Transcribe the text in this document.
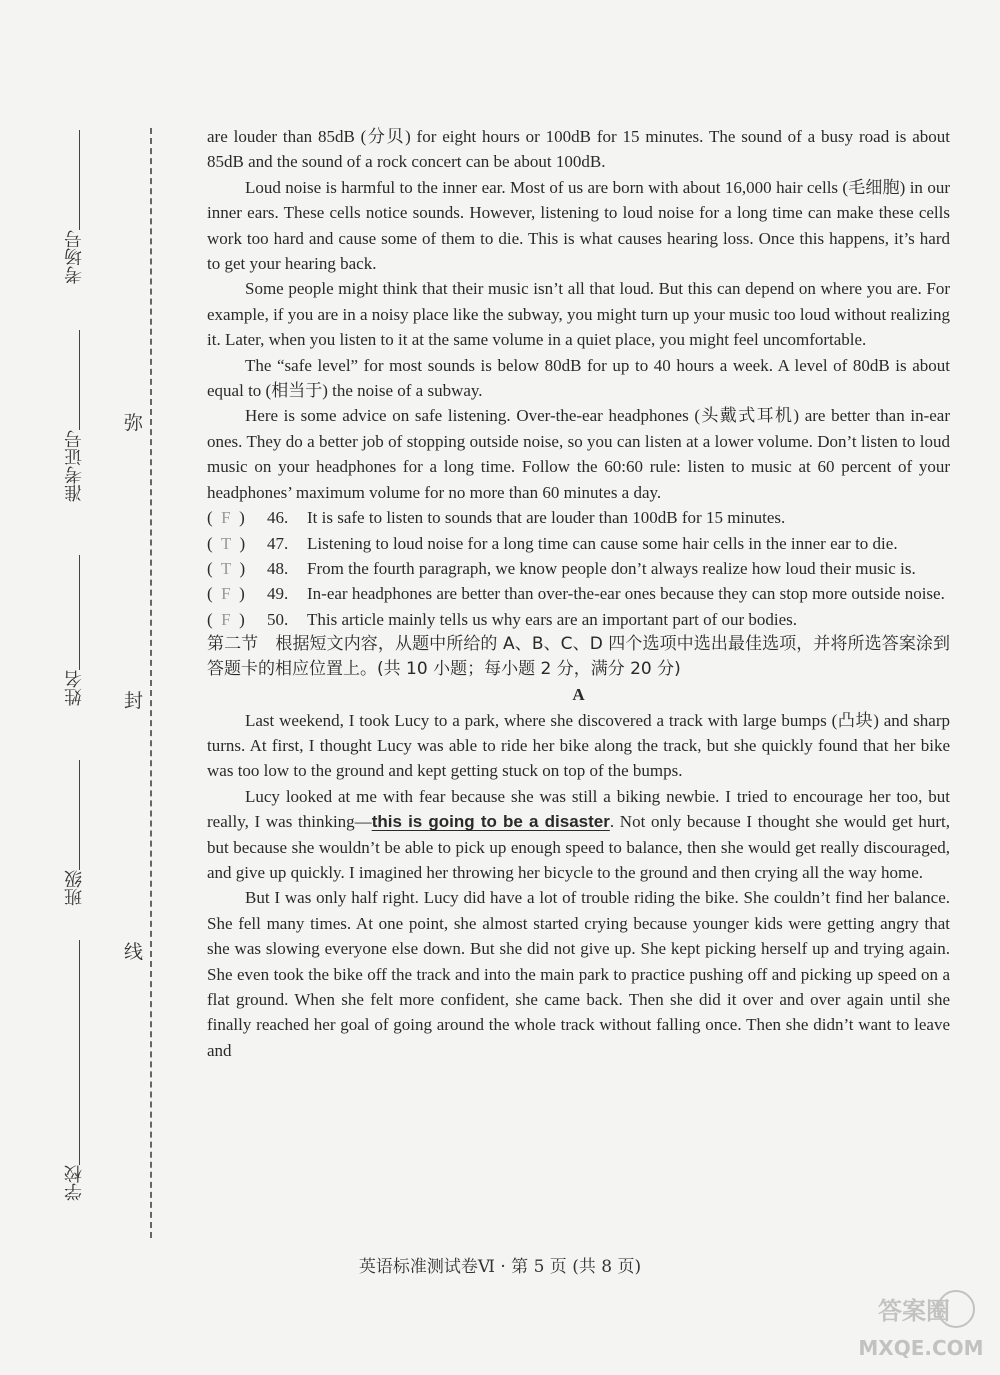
考场号
准考证号
姓名
班级
学校
弥
封
线

are louder than 85dB (分贝) for eight hours or 100dB for 15 minutes. The sound of a busy road is about 85dB and the sound of a rock concert can be about 100dB.

Loud noise is harmful to the inner ear. Most of us are born with about 16,000 hair cells (毛细胞) in our inner ears. These cells notice sounds. However, listening to loud noise for a long time can make these cells work too hard and cause some of them to die. This is what causes hearing loss. Once this happens, it’s hard to get your hearing back.

Some people might think that their music isn’t all that loud. But this can depend on where you are. For example, if you are in a noisy place like the subway, you might turn up your music too loud without realizing it. Later, when you listen to it at the same volume in a quiet place, you might feel uncomfortable.

The “safe level” for most sounds is below 80dB for up to 40 hours a week. A level of 80dB is about equal to (相当于) the noise of a subway.

Here is some advice on safe listening. Over-the-ear headphones (头戴式耳机) are better than in-ear ones. They do a better job of stopping outside noise, so you can listen at a lower volume. Don’t listen to loud music on your headphones for a long time. Follow the 60:60 rule: listen to music at 60 percent of your headphones’ maximum volume for no more than 60 minutes a day.

(  F  )	46.	It is safe to listen to sounds that are louder than 100dB for 15 minutes.
(  T  )	47.	Listening to loud noise for a long time can cause some hair cells in the inner ear to die.
(  T  )	48.	From the fourth paragraph, we know people don’t always realize how loud their music is.
(  F  )	49.	In-ear headphones are better than over-the-ear ones because they can stop more outside noise.
(  F  )	50.	This article mainly tells us why ears are an important part of our bodies.

第二节　根据短文内容，从题中所给的 A、B、C、D 四个选项中选出最佳选项，并将所选答案涂到答题卡的相应位置上。(共 10 小题；每小题 2 分，满分 20 分)

A

Last weekend, I took Lucy to a park, where she discovered a track with large bumps (凸块) and sharp turns. At first, I thought Lucy was able to ride her bike along the track, but she quickly found that her bike was too low to the ground and kept getting stuck on top of the bumps.

Lucy looked at me with fear because she was still a biking newbie. I tried to encourage her too, but really, I was thinking—this is going to be a disaster. Not only because I thought she would get hurt, but because she wouldn’t be able to pick up enough speed to balance, then she would get really discouraged, and give up quickly. I imagined her throwing her bicycle to the ground and then crying all the way home.

But I was only half right. Lucy did have a lot of trouble riding the bike. She couldn’t find her balance. She fell many times. At one point, she almost started crying because younger kids were getting angry that she was slowing everyone else down. But she did not give up. She kept picking herself up and trying again. She even took the bike off the track and into the main park to practice pushing off and picking up speed on a flat ground. When she felt more confident, she came back. Then she did it over and over again until she finally reached her goal of going around the whole track without falling once. Then she didn’t want to leave and

英语标准测试卷Ⅵ · 第 5 页 (共 8 页)
答案圈
MXQE.COM
